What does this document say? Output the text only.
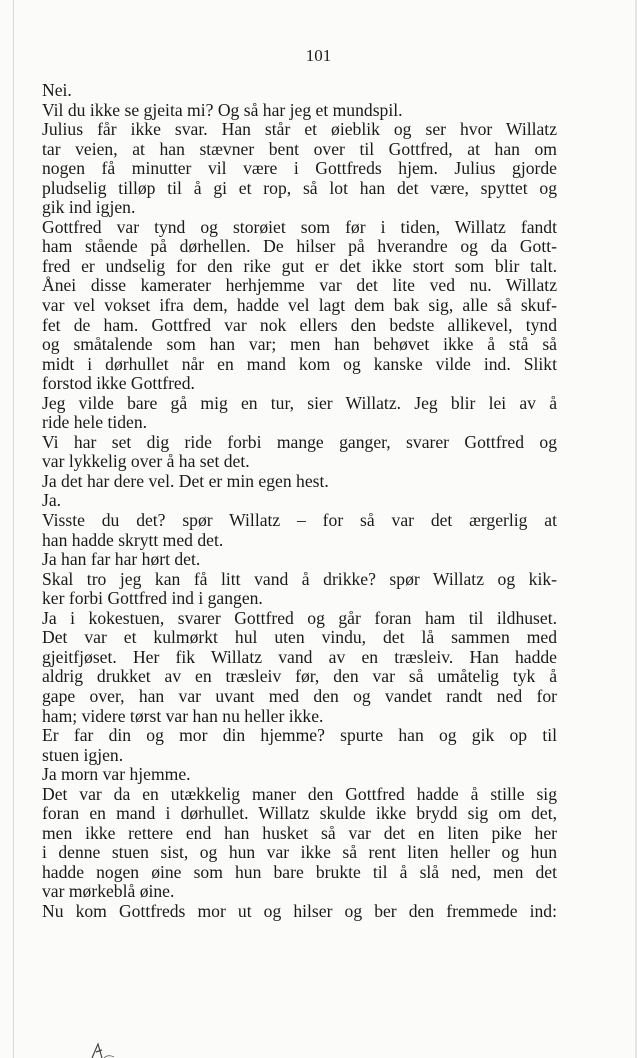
101
Nei.
Vil du ikke se gjeita mi? Og så har jeg et mundspil.
Julius får ikke svar. Han står et øieblik og ser hvor Willatz
tar veien, at han stævner bent over til Gottfred, at han om
nogen få minutter vil være i Gottfreds hjem. Julius gjorde
pludselig tilløp til å gi et rop, så lot han det være, spyttet og
gik ind igjen.
Gottfred var tynd og storøiet som før i tiden, Willatz fandt
ham stående på dørhellen. De hilser på hverandre og da Gott-
fred er undselig for den rike gut er det ikke stort som blir talt.
Ånei disse kamerater herhjemme var det lite ved nu. Willatz
var vel vokset ifra dem, hadde vel lagt dem bak sig, alle så skuf-
fet de ham. Gottfred var nok ellers den bedste allikevel, tynd
og småtalende som han var; men han behøvet ikke å stå så
midt i dørhullet når en mand kom og kanske vilde ind. Slikt
forstod ikke Gottfred.
Jeg vilde bare gå mig en tur, sier Willatz. Jeg blir lei av å
ride hele tiden.
Vi har set dig ride forbi mange ganger, svarer Gottfred og
var lykkelig over å ha set det.
Ja det har dere vel. Det er min egen hest.
Ja.
Visste du det? spør Willatz – for så var det ærgerlig at
han hadde skrytt med det.
Ja han far har hørt det.
Skal tro jeg kan få litt vand å drikke? spør Willatz og kik-
ker forbi Gottfred ind i gangen.
Ja i kokestuen, svarer Gottfred og går foran ham til ildhuset.
Det var et kulmørkt hul uten vindu, det lå sammen med
gjeitfjøset. Her fik Willatz vand av en træsleiv. Han hadde
aldrig drukket av en træsleiv før, den var så umåtelig tyk å
gape over, han var uvant med den og vandet randt ned for
ham; videre tørst var han nu heller ikke.
Er far din og mor din hjemme? spurte han og gik op til
stuen igjen.
Ja morn var hjemme.
Det var da en utækkelig maner den Gottfred hadde å stille sig
foran en mand i dørhullet. Willatz skulde ikke brydd sig om det,
men ikke rettere end han husket så var det en liten pike her
i denne stuen sist, og hun var ikke så rent liten heller og hun
hadde nogen øine som hun bare brukte til å slå ned, men det
var mørkeblå øine.
Nu kom Gottfreds mor ut og hilser og ber den fremmede ind:
